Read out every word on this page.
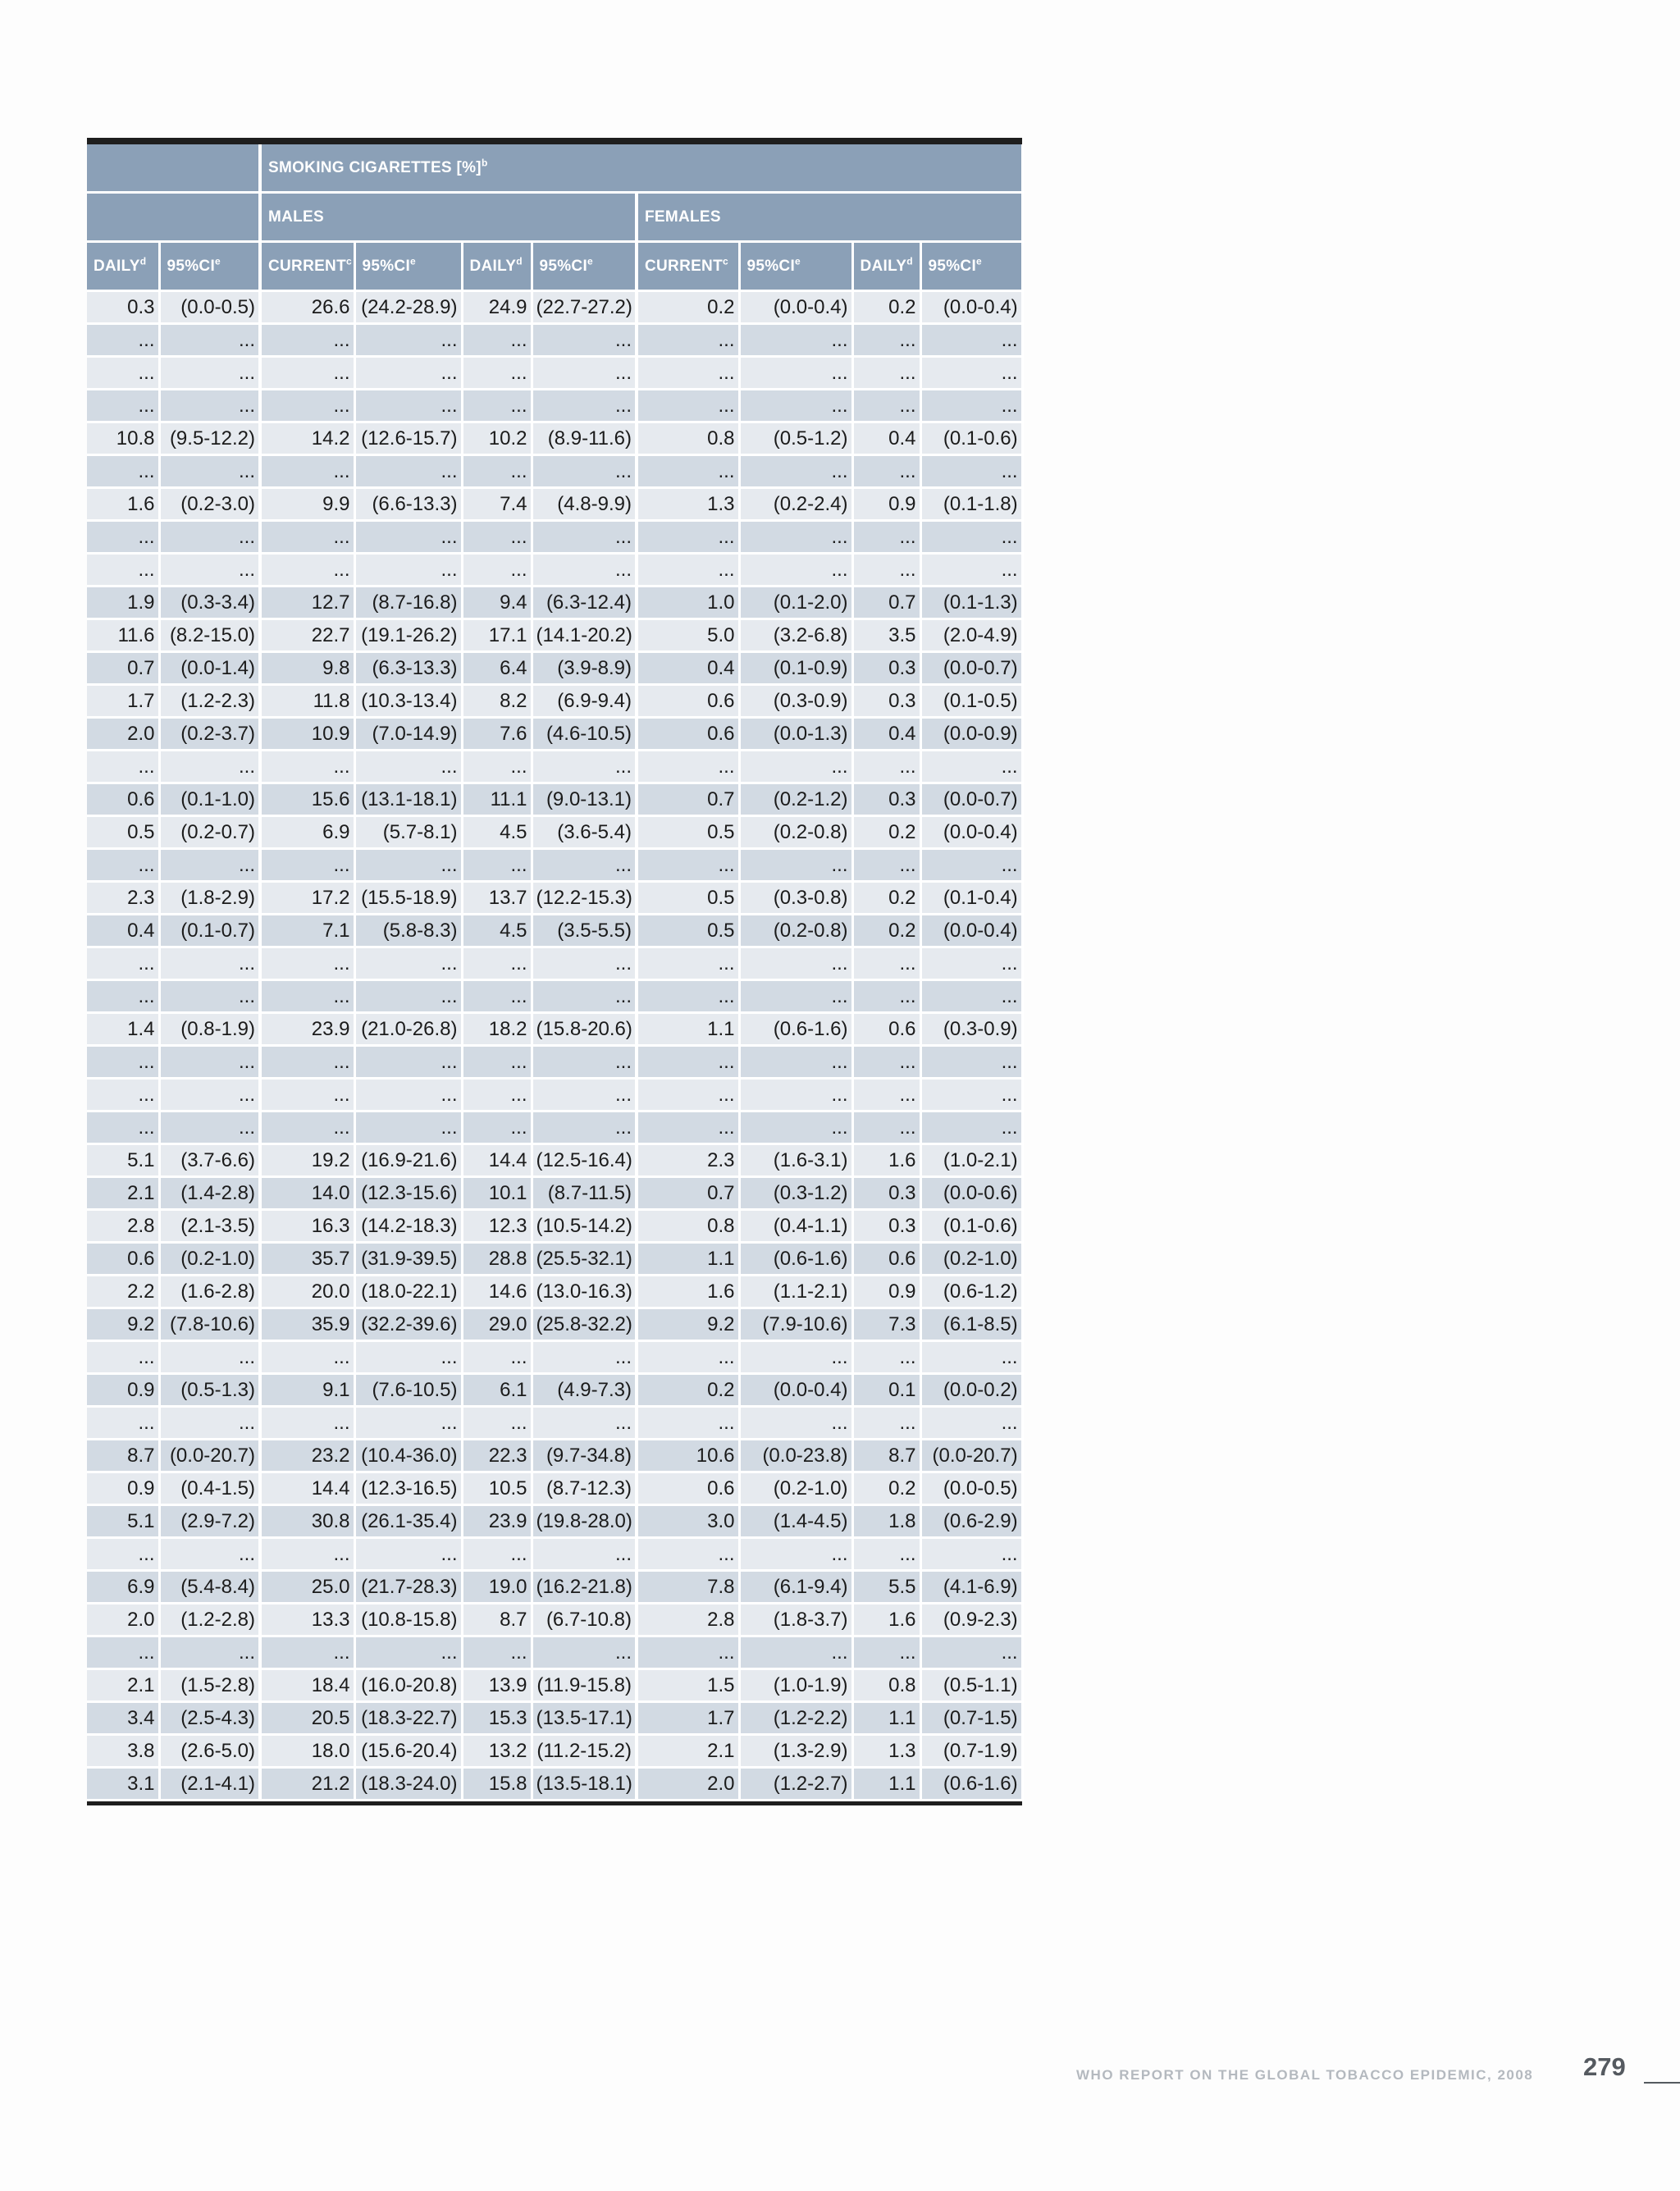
		SMOKING CIGARETTES [%]$^b$
		MALES				FEMALES			
DAILY$^d$	95%CIe	CURRENT$^c$	95%CIe	DAILY$^d$	95%CIe	CURRENT$^c$	95%CIe	DAILY$^d$	95%CIe
0.3	(0.0-0.5)	26.6	(24.2-28.9)	24.9	(22.7-27.2)	0.2	(0.0-0.4)	0.2	(0.0-0.4)
...	...	...	...	...	...	...	...	...	...
...	...	...	...	...	...	...	...	...	...
...	...	...	...	...	...	...	...	...	...
10.8	(9.5-12.2)	14.2	(12.6-15.7)	10.2	(8.9-11.6)	0.8	(0.5-1.2)	0.4	(0.1-0.6)
...	...	...	...	...	...	...	...	...	...
1.6	(0.2-3.0)	9.9	(6.6-13.3)	7.4	(4.8-9.9)	1.3	(0.2-2.4)	0.9	(0.1-1.8)
...	...	...	...	...	...	...	...	...	...
...	...	...	...	...	...	...	...	...	...
1.9	(0.3-3.4)	12.7	(8.7-16.8)	9.4	(6.3-12.4)	1.0	(0.1-2.0)	0.7	(0.1-1.3)
11.6	(8.2-15.0)	22.7	(19.1-26.2)	17.1	(14.1-20.2)	5.0	(3.2-6.8)	3.5	(2.0-4.9)
0.7	(0.0-1.4)	9.8	(6.3-13.3)	6.4	(3.9-8.9)	0.4	(0.1-0.9)	0.3	(0.0-0.7)
1.7	(1.2-2.3)	11.8	(10.3-13.4)	8.2	(6.9-9.4)	0.6	(0.3-0.9)	0.3	(0.1-0.5)
2.0	(0.2-3.7)	10.9	(7.0-14.9)	7.6	(4.6-10.5)	0.6	(0.0-1.3)	0.4	(0.0-0.9)
...	...	...	...	...	...	...	...	...	...
0.6	(0.1-1.0)	15.6	(13.1-18.1)	11.1	(9.0-13.1)	0.7	(0.2-1.2)	0.3	(0.0-0.7)
0.5	(0.2-0.7)	6.9	(5.7-8.1)	4.5	(3.6-5.4)	0.5	(0.2-0.8)	0.2	(0.0-0.4)
...	...	...	...	...	...	...	...	...	...
2.3	(1.8-2.9)	17.2	(15.5-18.9)	13.7	(12.2-15.3)	0.5	(0.3-0.8)	0.2	(0.1-0.4)
0.4	(0.1-0.7)	7.1	(5.8-8.3)	4.5	(3.5-5.5)	0.5	(0.2-0.8)	0.2	(0.0-0.4)
...	...	...	...	...	...	...	...	...	...
...	...	...	...	...	...	...	...	...	...
1.4	(0.8-1.9)	23.9	(21.0-26.8)	18.2	(15.8-20.6)	1.1	(0.6-1.6)	0.6	(0.3-0.9)
...	...	...	...	...	...	...	...	...	...
...	...	...	...	...	...	...	...	...	...
...	...	...	...	...	...	...	...	...	...
5.1	(3.7-6.6)	19.2	(16.9-21.6)	14.4	(12.5-16.4)	2.3	(1.6-3.1)	1.6	(1.0-2.1)
2.1	(1.4-2.8)	14.0	(12.3-15.6)	10.1	(8.7-11.5)	0.7	(0.3-1.2)	0.3	(0.0-0.6)
2.8	(2.1-3.5)	16.3	(14.2-18.3)	12.3	(10.5-14.2)	0.8	(0.4-1.1)	0.3	(0.1-0.6)
0.6	(0.2-1.0)	35.7	(31.9-39.5)	28.8	(25.5-32.1)	1.1	(0.6-1.6)	0.6	(0.2-1.0)
2.2	(1.6-2.8)	20.0	(18.0-22.1)	14.6	(13.0-16.3)	1.6	(1.1-2.1)	0.9	(0.6-1.2)
9.2	(7.8-10.6)	35.9	(32.2-39.6)	29.0	(25.8-32.2)	9.2	(7.9-10.6)	7.3	(6.1-8.5)
...	...	...	...	...	...	...	...	...	...
0.9	(0.5-1.3)	9.1	(7.6-10.5)	6.1	(4.9-7.3)	0.2	(0.0-0.4)	0.1	(0.0-0.2)
...	...	...	...	...	...	...	...	...	...
8.7	(0.0-20.7)	23.2	(10.4-36.0)	22.3	(9.7-34.8)	10.6	(0.0-23.8)	8.7	(0.0-20.7)
0.9	(0.4-1.5)	14.4	(12.3-16.5)	10.5	(8.7-12.3)	0.6	(0.2-1.0)	0.2	(0.0-0.5)
5.1	(2.9-7.2)	30.8	(26.1-35.4)	23.9	(19.8-28.0)	3.0	(1.4-4.5)	1.8	(0.6-2.9)
...	...	...	...	...	...	...	...	...	...
6.9	(5.4-8.4)	25.0	(21.7-28.3)	19.0	(16.2-21.8)	7.8	(6.1-9.4)	5.5	(4.1-6.9)
2.0	(1.2-2.8)	13.3	(10.8-15.8)	8.7	(6.7-10.8)	2.8	(1.8-3.7)	1.6	(0.9-2.3)
...	...	...	...	...	...	...	...	...	...
2.1	(1.5-2.8)	18.4	(16.0-20.8)	13.9	(11.9-15.8)	1.5	(1.0-1.9)	0.8	(0.5-1.1)
3.4	(2.5-4.3)	20.5	(18.3-22.7)	15.3	(13.5-17.1)	1.7	(1.2-2.2)	1.1	(0.7-1.5)
3.8	(2.6-5.0)	18.0	(15.6-20.4)	13.2	(11.2-15.2)	2.1	(1.3-2.9)	1.3	(0.7-1.9)
3.1	(2.1-4.1)	21.2	(18.3-24.0)	15.8	(13.5-18.1)	2.0	(1.2-2.7)	1.1	(0.6-1.6)
WHO REPORT ON THE GLOBAL TOBACCO EPIDEMIC, 2008 279
